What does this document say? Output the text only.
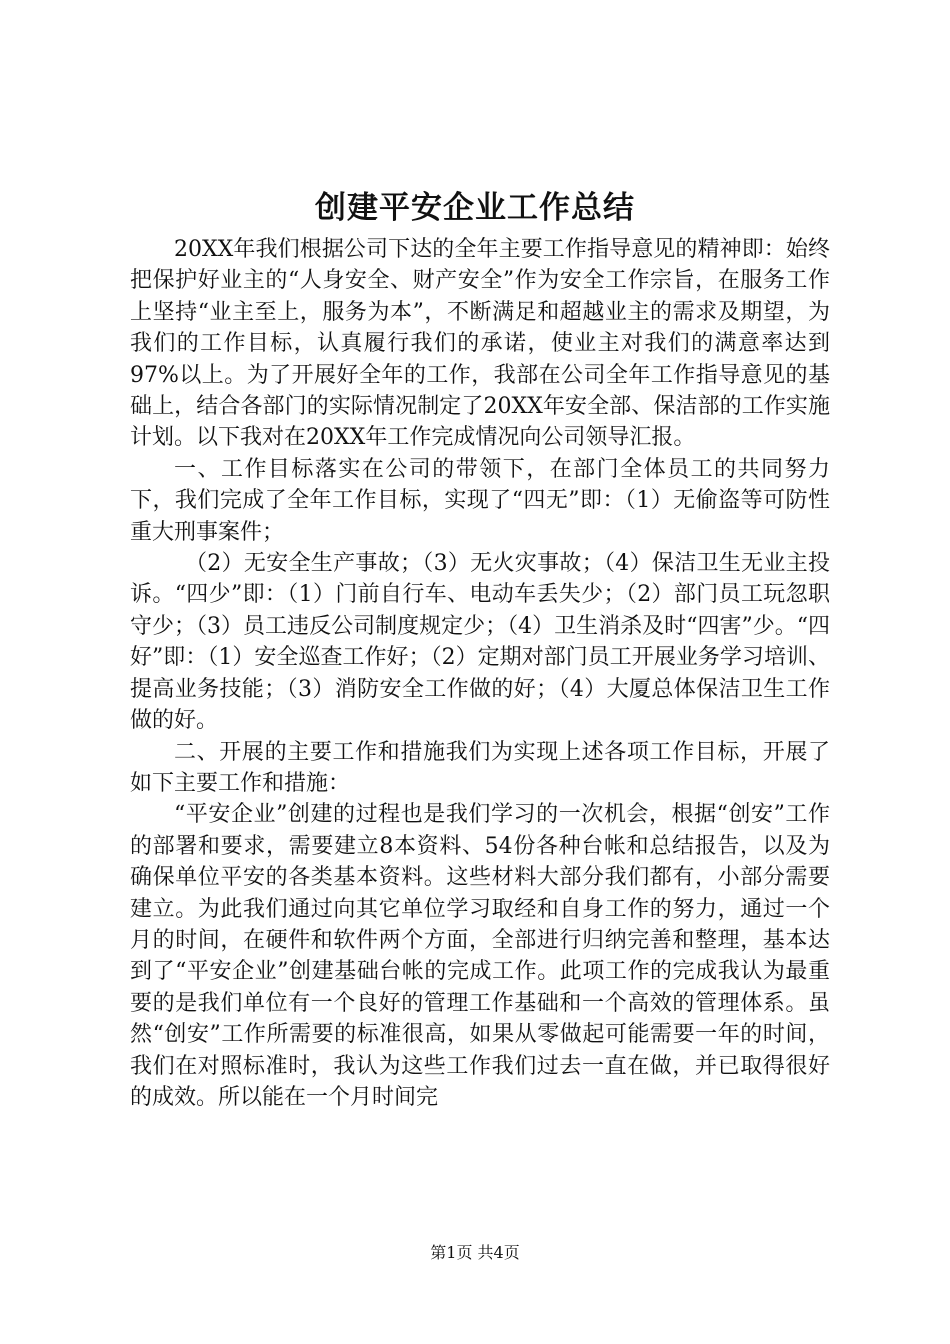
创建平安企业工作总结

20XX年我们根据公司下达的全年主要工作指导意见的精神即：始终把保护好业主的“人身安全、财产安全”作为安全工作宗旨，在服务工作上坚持“业主至上，服务为本”，不断满足和超越业主的需求及期望，为我们的工作目标，认真履行我们的承诺，使业主对我们的满意率达到97%以上。为了开展好全年的工作，我部在公司全年工作指导意见的基础上，结合各部门的实际情况制定了20XX年安全部、保洁部的工作实施计划。以下我对在20XX年工作完成情况向公司领导汇报。

一、工作目标落实在公司的带领下，在部门全体员工的共同努力下，我们完成了全年工作目标，实现了“四无”即：（1）无偷盗等可防性重大刑事案件；

（2）无安全生产事故；（3）无火灾事故；（4）保洁卫生无业主投诉。“四少”即：（1）门前自行车、电动车丢失少；（2）部门员工玩忽职守少；（3）员工违反公司制度规定少；（4）卫生消杀及时“四害”少。“四好”即：（1）安全巡查工作好；（2）定期对部门员工开展业务学习培训、提高业务技能；（3）消防安全工作做的好；（4）大厦总体保洁卫生工作做的好。

二、开展的主要工作和措施我们为实现上述各项工作目标，开展了如下主要工作和措施：

“平安企业”创建的过程也是我们学习的一次机会，根据“创安”工作的部署和要求，需要建立8本资料、54份各种台帐和总结报告，以及为确保单位平安的各类基本资料。这些材料大部分我们都有，小部分需要建立。为此我们通过向其它单位学习取经和自身工作的努力，通过一个月的时间，在硬件和软件两个方面，全部进行归纳完善和整理，基本达到了“平安企业”创建基础台帐的完成工作。此项工作的完成我认为最重要的是我们单位有一个良好的管理工作基础和一个高效的管理体系。虽然“创安”工作所需要的标准很高，如果从零做起可能需要一年的时间，我们在对照标准时，我认为这些工作我们过去一直在做，并已取得很好的成效。所以能在一个月时间完

第1页 共4页
